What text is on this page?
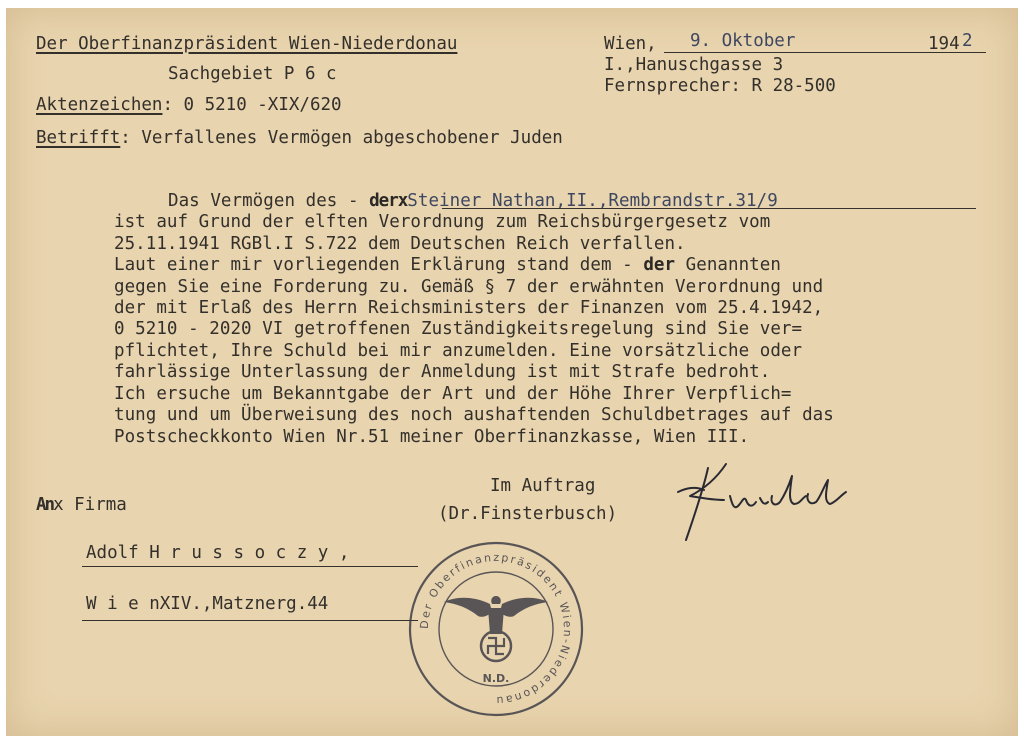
Der Oberfinanzpräsident Wien-Niederdonau
Sachgebiet P 6 c
Aktenzeichen: 0 5210 -XIX/620
Betrifft: Verfallenes Vermögen abgeschobener Juden
Wien, 9. Oktober	194 2
I.,Hanuschgasse 3
Fernsprecher: R 28-500
Das Vermögen des - derxSteiner Nathan,II.,Rembrandstr.31/9
ist auf Grund der elften Verordnung zum Reichsbürgergesetz vom
25.11.1941 RGBl.I S.722 dem Deutschen Reich verfallen.
Laut einer mir vorliegenden Erklärung stand dem - der Genannten
gegen Sie eine Forderung zu. Gemäß § 7 der erwähnten Verordnung und
der mit Erlaß des Herrn Reichsministers der Finanzen vom 25.4.1942,
0 5210 - 2020 VI getroffenen Zuständigkeitsregelung sind Sie ver=
pflichtet, Ihre Schuld bei mir anzumelden. Eine vorsätzliche oder
fahrlässige Unterlassung der Anmeldung ist mit Strafe bedroht.
Ich ersuche um Bekanntgabe der Art und der Höhe Ihrer Verpflich=
tung und um Überweisung des noch aushaftenden Schuldbetrages auf das
Postscheckkonto Wien Nr.51 meiner Oberfinanzkasse, Wien III.
Im Auftrag
(Dr.Finsterbusch)
Anx Firma
Adolf H r u s s o c z y ,
W i e nXIV.,Matznerg.44
Der Oberfinanzpräsident Wien-Niederdonau
N.D.
